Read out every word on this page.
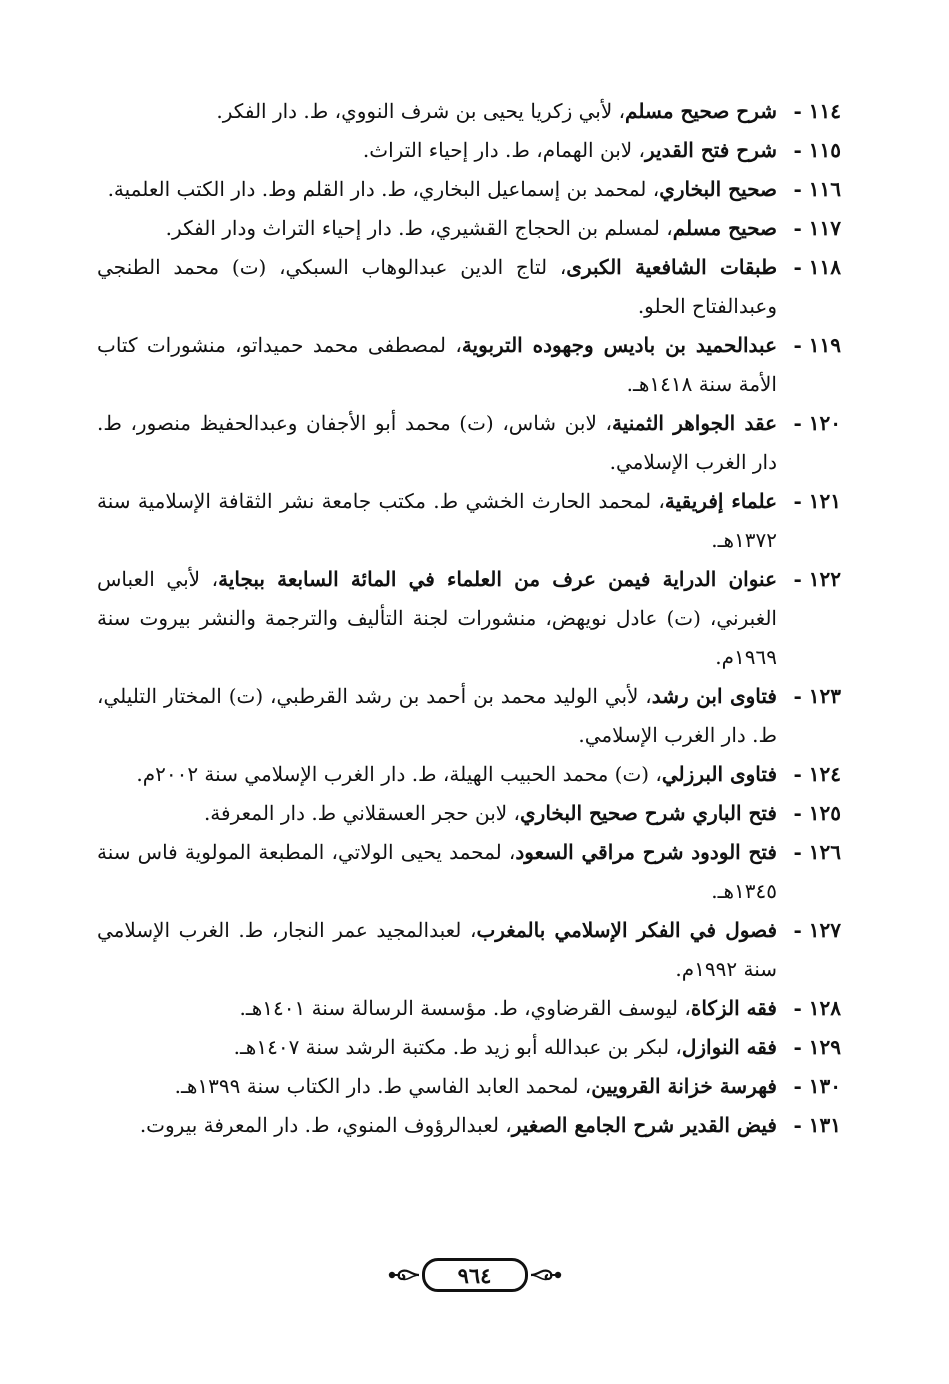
١١٤ -
شرح صحيح مسلم، لأبي زكريا يحيى بن شرف النووي، ط. دار الفكر.

١١٥ -
شرح فتح القدير، لابن الهمام، ط. دار إحياء التراث.

١١٦ -
صحيح البخاري، لمحمد بن إسماعيل البخاري، ط. دار القلم وط. دار الكتب العلمية.

١١٧ -
صحيح مسلم، لمسلم بن الحجاج القشيري، ط. دار إحياء التراث ودار الفكر.

١١٨ -
طبقات الشافعية الكبرى، لتاج الدين عبدالوهاب السبكي، (ت) محمد الطنجي وعبدالفتاح الحلو.

١١٩ -
عبدالحميد بن باديس وجهوده التربوية، لمصطفى محمد حميداتو، منشورات كتاب الأمة سنة ١٤١٨هـ.

١٢٠ -
عقد الجواهر الثمنية، لابن شاس، (ت) محمد أبو الأجفان وعبدالحفيظ منصور، ط. دار الغرب الإسلامي.

١٢١ -
علماء إفريقية، لمحمد الحارث الخشي ط. مكتب جامعة نشر الثقافة الإسلامية سنة ١٣٧٢هـ.

١٢٢ -
عنوان الدراية فيمن عرف من العلماء في المائة السابعة ببجاية، لأبي العباس الغبرني، (ت) عادل نويهض، منشورات لجنة التأليف والترجمة والنشر بيروت سنة ١٩٦٩م.

١٢٣ -
فتاوى ابن رشد، لأبي الوليد محمد بن أحمد بن رشد القرطبي، (ت) المختار التليلي، ط. دار الغرب الإسلامي.

١٢٤ -
فتاوى البرزلي، (ت) محمد الحبيب الهيلة، ط. دار الغرب الإسلامي سنة ٢٠٠٢م.

١٢٥ -
فتح الباري شرح صحيح البخاري، لابن حجر العسقلاني ط. دار المعرفة.

١٢٦ -
فتح الودود شرح مراقي السعود، لمحمد يحيى الولاتي، المطبعة المولوية فاس سنة ١٣٤٥هـ.

١٢٧ -
فصول في الفكر الإسلامي بالمغرب، لعبدالمجيد عمر النجار، ط. الغرب الإسلامي سنة ١٩٩٢م.

١٢٨ -
فقه الزكاة، ليوسف القرضاوي، ط. مؤسسة الرسالة سنة ١٤٠١هـ.

١٢٩ -
فقه النوازل، لبكر بن عبدالله أبو زيد ط. مكتبة الرشد سنة ١٤٠٧هـ.

١٣٠ -
فهرسة خزانة القرويين، لمحمد العابد الفاسي ط. دار الكتاب سنة ١٣٩٩هـ.

١٣١ -
فيض القدير شرح الجامع الصغير، لعبدالرؤوف المنوي، ط. دار المعرفة بيروت.

٩٦٤
